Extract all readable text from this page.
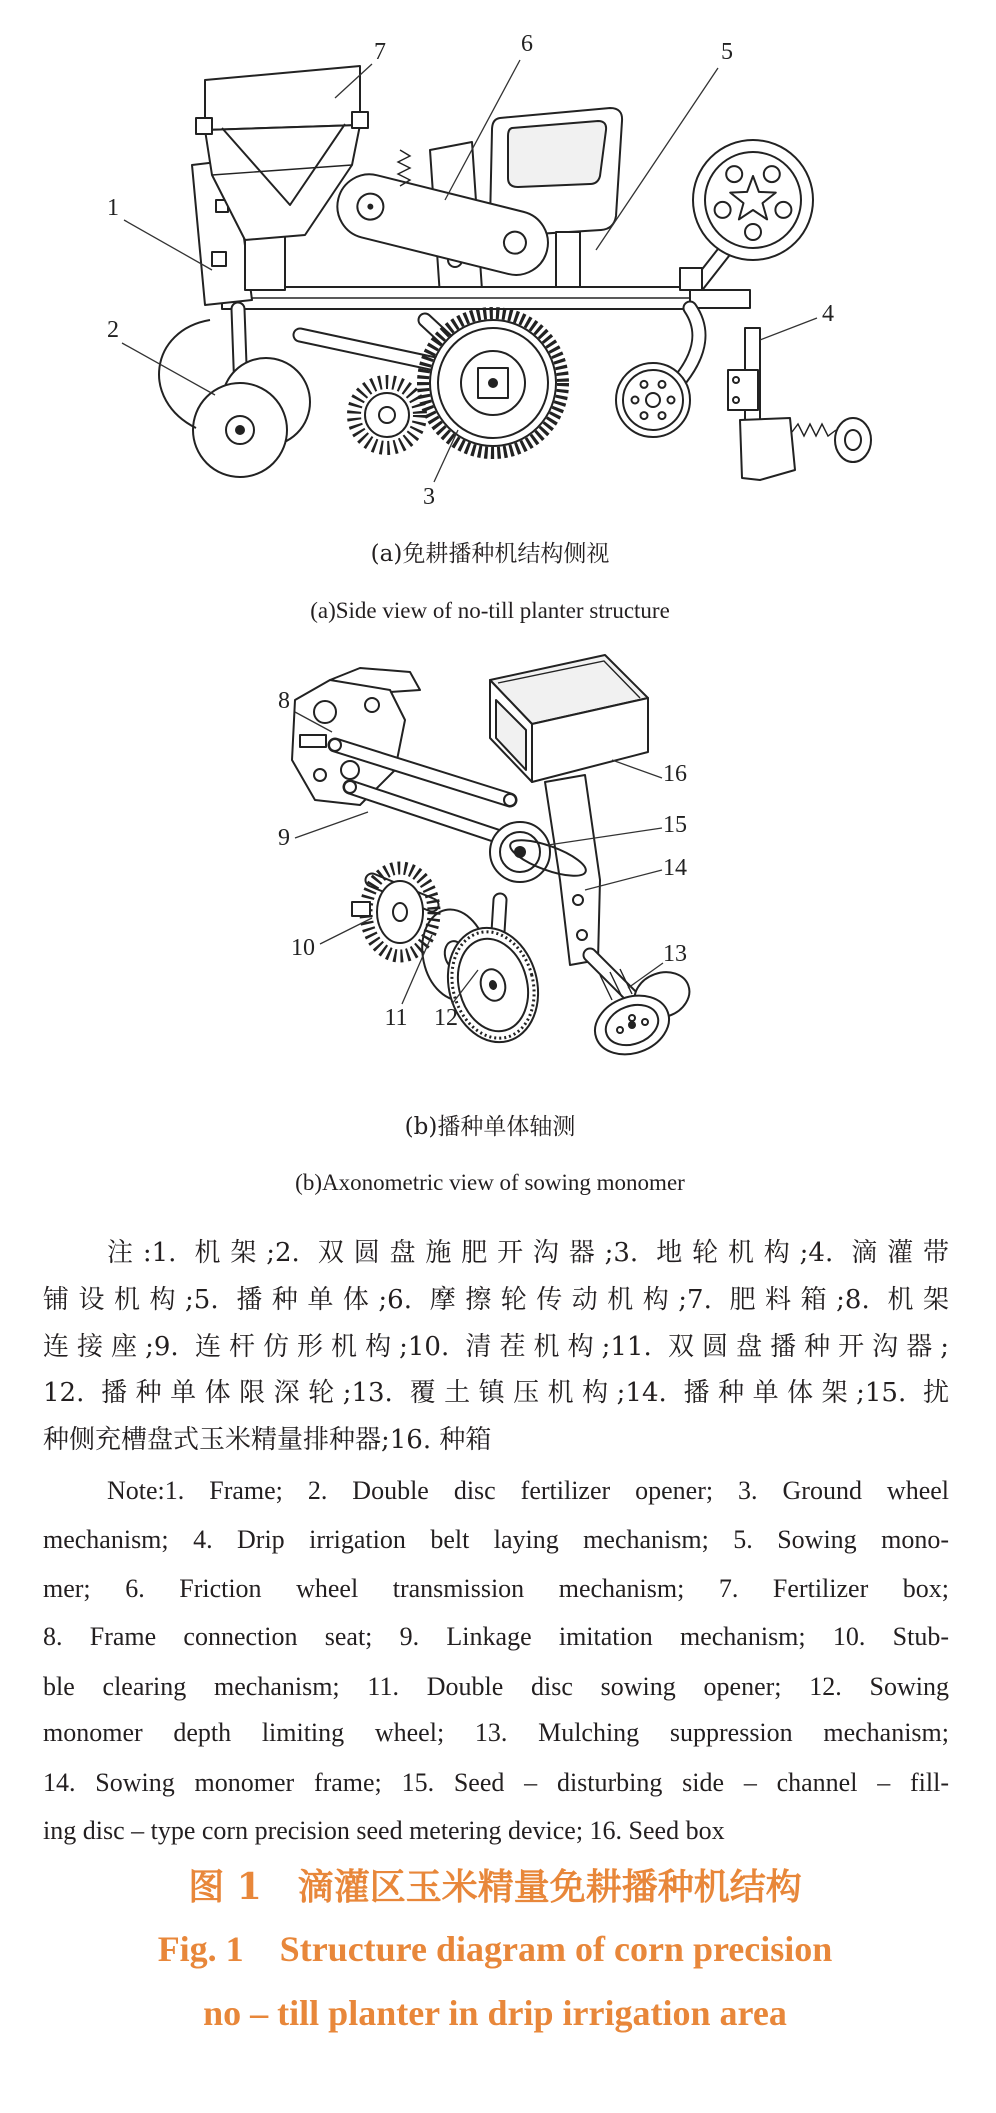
1
2
3
4
5
6
7
(a)免耕播种机结构侧视
(a)Side view of no-till planter structure
8
9
10
11 12
13
14
15
16
(b)播种单体轴测
(b)Axonometric view of sowing monomer
注:1. 机架;2. 双圆盘施肥开沟器;3. 地轮机构;4. 滴灌带
铺设机构;5. 播种单体;6. 摩擦轮传动机构;7. 肥料箱;8. 机架
连接座;9. 连杆仿形机构;10. 清茬机构;11. 双圆盘播种开沟器;
12. 播种单体限深轮;13. 覆土镇压机构;14. 播种单体架;15. 扰
种侧充槽盘式玉米精量排种器;16. 种箱
Note:1. Frame; 2. Double disc fertilizer opener; 3. Ground wheel
mechanism; 4. Drip irrigation belt laying mechanism; 5. Sowing mono-
mer; 6. Friction wheel transmission mechanism; 7. Fertilizer box;
8. Frame connection seat; 9. Linkage imitation mechanism; 10. Stub-
ble clearing mechanism; 11. Double disc sowing opener; 12. Sowing
monomer depth limiting wheel; 13. Mulching suppression mechanism;
14. Sowing monomer frame; 15. Seed – disturbing side – channel – fill-
ing disc – type corn precision seed metering device; 16. Seed box
图 1　滴灌区玉米精量免耕播种机结构
Fig. 1　Structure diagram of corn precision
no – till planter in drip irrigation area
